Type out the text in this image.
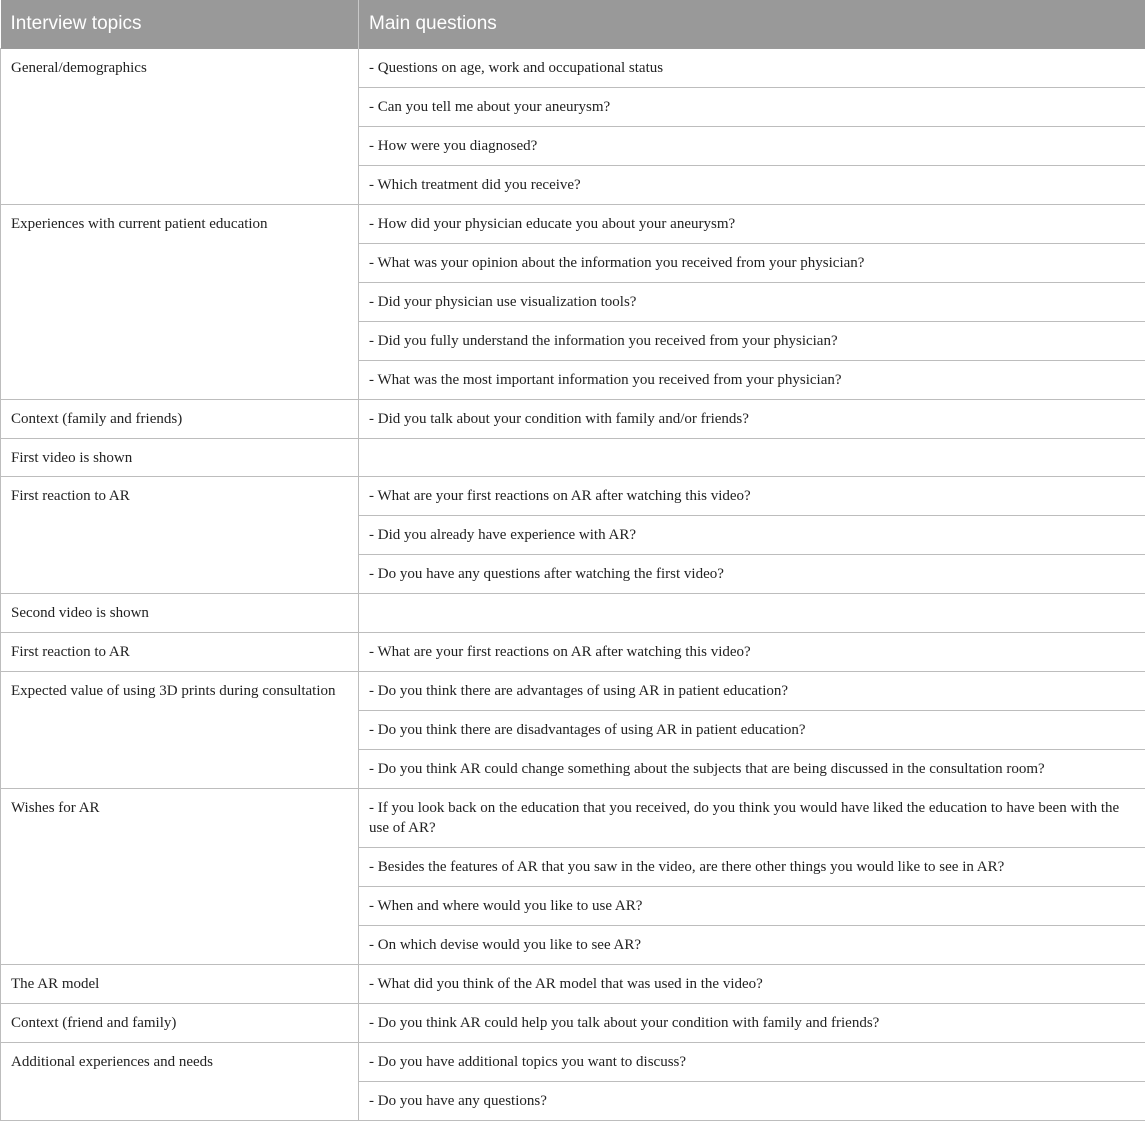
Interview topics	Main questions
General/demographics	- Questions on age, work and occupational status
	- Can you tell me about your aneurysm?
	- How were you diagnosed?
	- Which treatment did you receive?
Experiences with current patient education	- How did your physician educate you about your aneurysm?
	- What was your opinion about the information you received from your physician?
	- Did your physician use visualization tools?
	- Did you fully understand the information you received from your physician?
	- What was the most important information you received from your physician?
Context (family and friends)	- Did you talk about your condition with family and/or friends?
First video is shown	
First reaction to AR	- What are your first reactions on AR after watching this video?
	- Did you already have experience with AR?
	- Do you have any questions after watching the first video?
Second video is shown	
First reaction to AR	- What are your first reactions on AR after watching this video?
Expected value of using 3D prints during consultation	- Do you think there are advantages of using AR in patient education?
	- Do you think there are disadvantages of using AR in patient education?
	- Do you think AR could change something about the subjects that are being discussed in the consultation room?
Wishes for AR	- If you look back on the education that you received, do you think you would have liked the education to have been with the use of AR?
	- Besides the features of AR that you saw in the video, are there other things you would like to see in AR?
	- When and where would you like to use AR?
	- On which devise would you like to see AR?
The AR model	- What did you think of the AR model that was used in the video?
Context (friend and family)	- Do you think AR could help you talk about your condition with family and friends?
Additional experiences and needs	- Do you have additional topics you want to discuss?
	- Do you have any questions?
